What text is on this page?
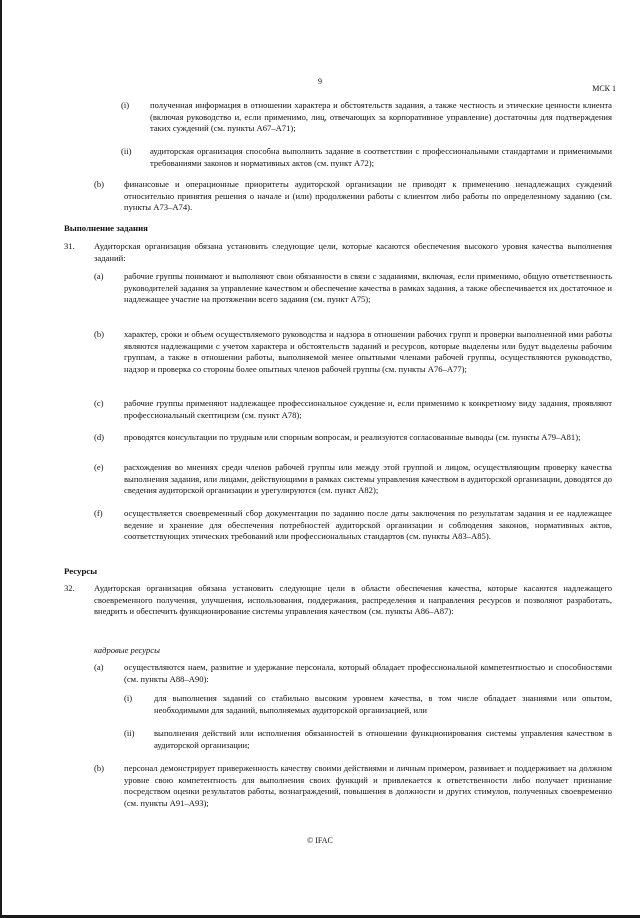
9
МСК 1
(i) полученная информация в отношении характера и обстоятельств задания, а также честность и этические ценности клиента (включая руководство и, если применимо, лиц, отвечающих за корпоративное управление) достаточны для подтверждения таких суждений (см. пункты А67–А71);
(ii) аудиторская организация способна выполнить задание в соответствии с профессиональными стандартами и применимыми требованиями законов и нормативных актов (см. пункт А72);
(b) финансовые и операционные приоритеты аудиторской организации не приводят к применению ненадлежащих суждений относительно принятия решения о начале и (или) продолжении работы с клиентом либо работы по определенному заданию (см. пункты А73–А74).
Выполнение задания
31. Аудиторская организация обязана установить следующие цели, которые касаются обеспечения высокого уровня качества выполнения заданий:
(a) рабочие группы понимают и выполняют свои обязанности в связи с заданиями, включая, если применимо, общую ответственность руководителей задания за управление качеством и обеспечение качества в рамках задания, а также обеспечивается их достаточное и надлежащее участие на протяжении всего задания (см. пункт А75);
(b) характер, сроки и объем осуществляемого руководства и надзора в отношении рабочих групп и проверки выполненной ими работы являются надлежащими с учетом характера и обстоятельств заданий и ресурсов, которые выделены или будут выделены рабочим группам, а также в отношении работы, выполняемой менее опытными членами рабочей группы, осуществляются руководство, надзор и проверка со стороны более опытных членов рабочей группы (см. пункты А76–А77);
(c) рабочие группы применяют надлежащее профессиональное суждение и, если применимо к конкретному виду задания, проявляют профессиональный скептицизм (см. пункт А78);
(d) проводятся консультации по трудным или спорным вопросам, и реализуются согласованные выводы (см. пункты А79–А81);
(e) расхождения во мнениях среди членов рабочей группы или между этой группой и лицом, осуществляющим проверку качества выполнения задания, или лицами, действующими в рамках системы управления качеством в аудиторской организации, доводятся до сведения аудиторской организации и урегулируются (см. пункт А82);
(f) осуществляется своевременный сбор документации по заданию после даты заключения по результатам задания и ее надлежащее ведение и хранение для обеспечения потребностей аудиторской организации и соблюдения законов, нормативных актов, соответствующих этических требований или профессиональных стандартов (см. пункты А83–А85).
Ресурсы
32. Аудиторская организация обязана установить следующие цели в области обеспечения качества, которые касаются надлежащего своевременного получения, улучшения, использования, поддержания, распределения и направления ресурсов и позволяют разработать, внедрить и обеспечить функционирование системы управления качеством (см. пункты А86–А87):
кадровые ресурсы
(a) осуществляются наем, развитие и удержание персонала, который обладает профессиональной компетентностью и способностями (см. пункты А88–А90):
(i)	для выполнения заданий со стабильно высоким уровнем качества, в том числе обладает знаниями или опытом, необходимыми для заданий, выполняемых аудиторской организацией, или
(ii) выполнения действий или исполнения обязанностей в отношении функционирования системы управления качеством в аудиторской организации;
(b) персонал демонстрирует приверженность качеству своими действиями и личным примером, развивает и поддерживает на должном уровне свою компетентность для выполнения своих функций и привлекается к ответственности либо получает признание посредством оценки результатов работы, вознаграждений, повышения в должности и других стимулов, полученных своевременно (см. пункты А91–А93);
© IFAC
